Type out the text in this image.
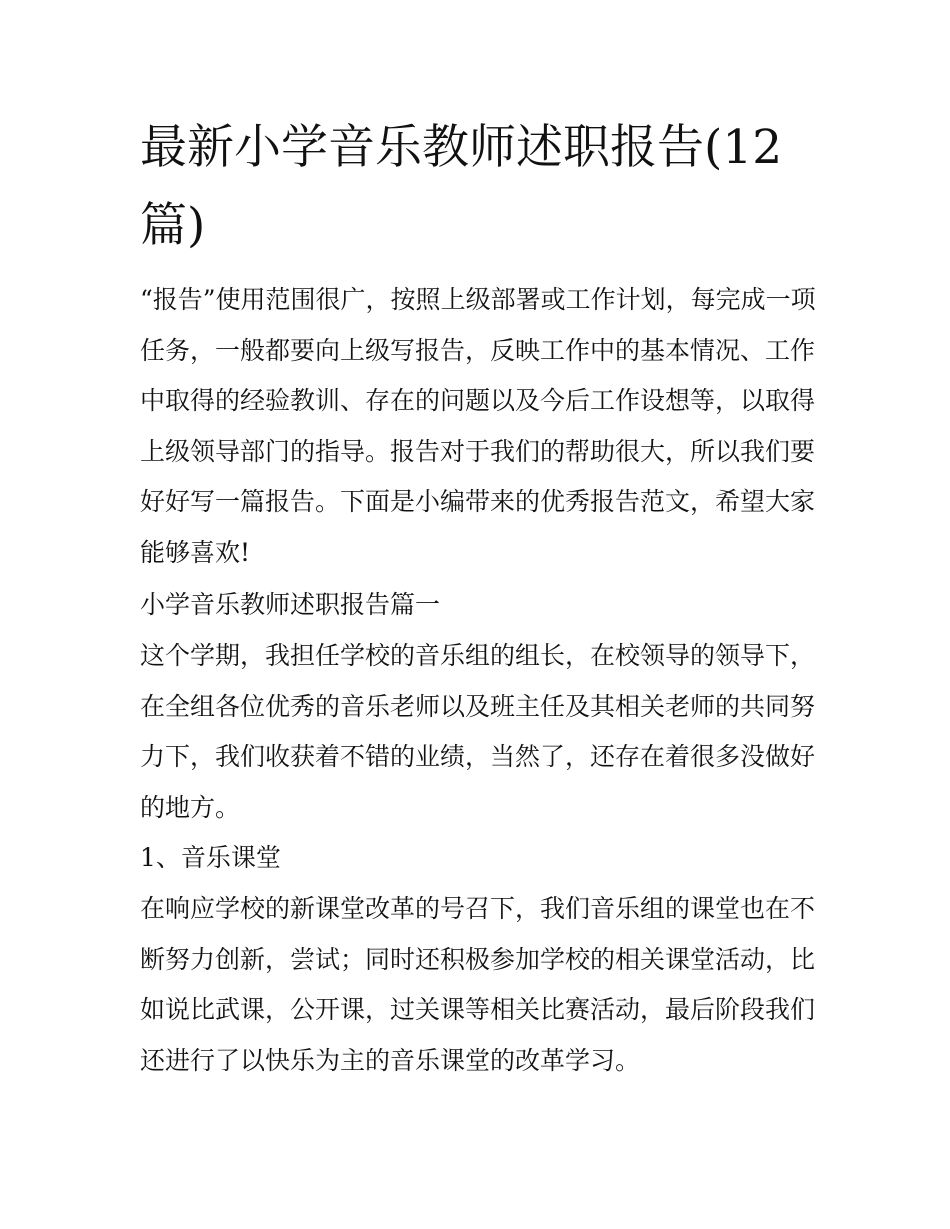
最新小学音乐教师述职报告(12
篇)
“报告”使用范围很广，按照上级部署或工作计划，每完成一项
任务，一般都要向上级写报告，反映工作中的基本情况、工作
中取得的经验教训、存在的问题以及今后工作设想等，以取得
上级领导部门的指导。报告对于我们的帮助很大，所以我们要
好好写一篇报告。下面是小编带来的优秀报告范文，希望大家
能够喜欢!
小学音乐教师述职报告篇一
这个学期，我担任学校的音乐组的组长，在校领导的领导下，
在全组各位优秀的音乐老师以及班主任及其相关老师的共同努
力下，我们收获着不错的业绩，当然了，还存在着很多没做好
的地方。
1、音乐课堂
在响应学校的新课堂改革的号召下，我们音乐组的课堂也在不
断努力创新，尝试；同时还积极参加学校的相关课堂活动，比
如说比武课，公开课，过关课等相关比赛活动，最后阶段我们
还进行了以快乐为主的音乐课堂的改革学习。
